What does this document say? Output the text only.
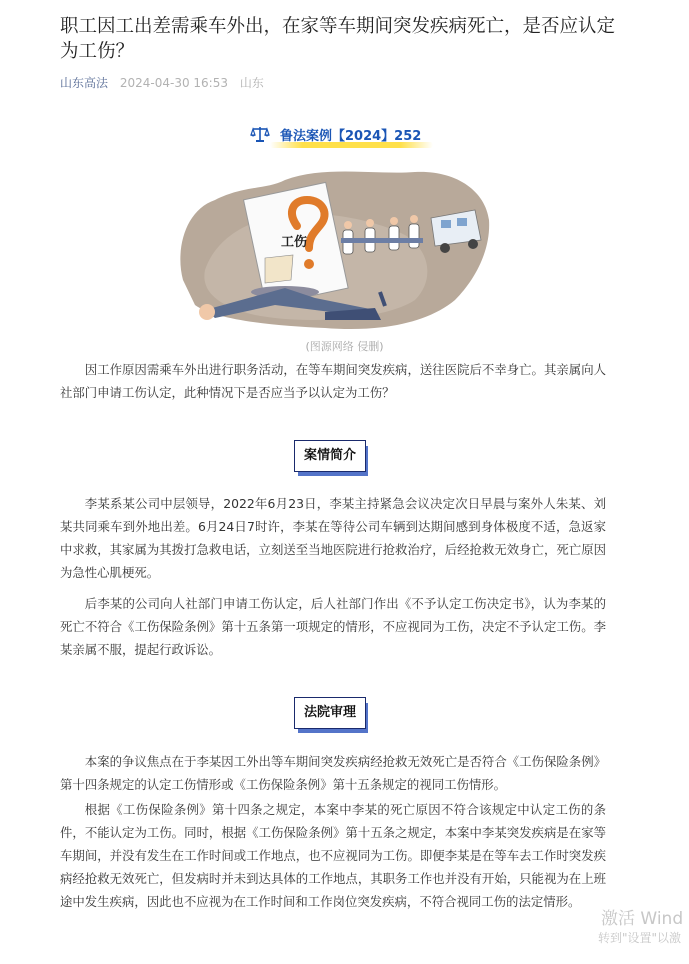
职工因工出差需乘车外出，在家等车期间突发疾病死亡，是否应认定为工伤？
山东高法 2024-04-30 16:53 山东
鲁法案例【2024】252
工伤
(图源网络 侵删)

因工作原因需乘车外出进行职务活动，在等车期间突发疾病，送往医院后不幸身亡。其亲属向人社部门申请工伤认定，此种情况下是否应当予以认定为工伤？

案情简介

李某系某公司中层领导，2022年6月23日，李某主持紧急会议决定次日早晨与案外人朱某、刘某共同乘车到外地出差。6月24日7时许，李某在等待公司车辆到达期间感到身体极度不适，急返家中求救，其家属为其拨打急救电话，立刻送至当地医院进行抢救治疗，后经抢救无效身亡，死亡原因为急性心肌梗死。

后李某的公司向人社部门申请工伤认定，后人社部门作出《不予认定工伤决定书》，认为李某的死亡不符合《工伤保险条例》第十五条第一项规定的情形，不应视同为工伤，决定不予认定工伤。李某亲属不服，提起行政诉讼。

法院审理

本案的争议焦点在于李某因工外出等车期间突发疾病经抢救无效死亡是否符合《工伤保险条例》第十四条规定的认定工伤情形或《工伤保险条例》第十五条规定的视同工伤情形。

根据《工伤保险条例》第十四条之规定，本案中李某的死亡原因不符合该规定中认定工伤的条件，不能认定为工伤。同时，根据《工伤保险条例》第十五条之规定，本案中李某突发疾病是在家等车期间，并没有发生在工作时间或工作地点，也不应视同为工伤。即便李某是在等车去工作时突发疾病经抢救无效死亡，但发病时并未到达具体的工作地点，其职务工作也并没有开始，只能视为在上班途中发生疾病，因此也不应视为在工作时间和工作岗位突发疾病，不符合视同工伤的法定情形。

激活 Wind
转到"设置"以激
